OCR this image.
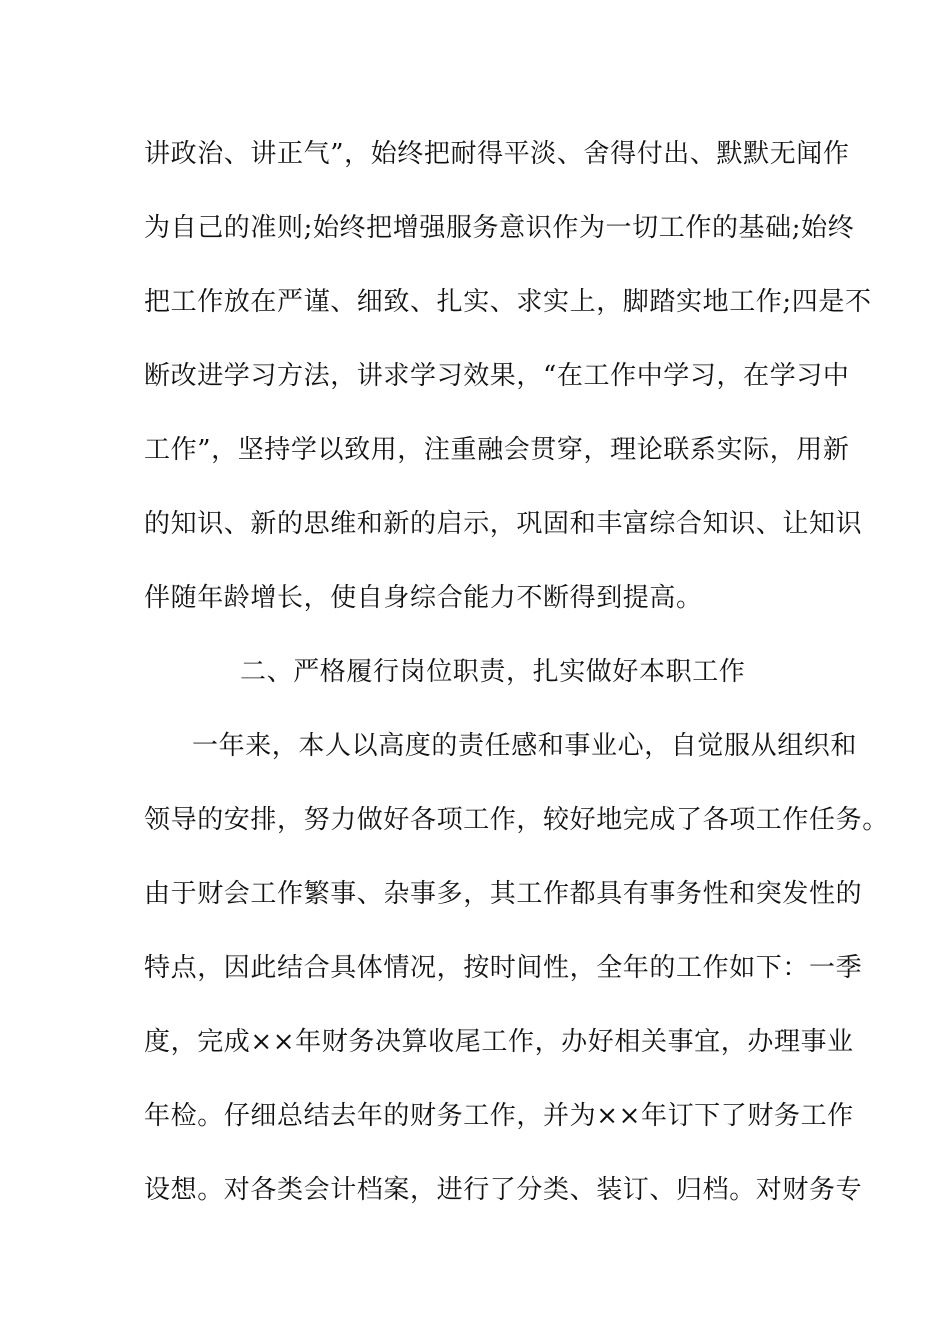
讲政治、讲正气”，始终把耐得平淡、舍得付出、默默无闻作
为自己的准则;始终把增强服务意识作为一切工作的基础;始终
把工作放在严谨、细致、扎实、求实上，脚踏实地工作;四是不
断改进学习方法，讲求学习效果，“在工作中学习，在学习中
工作”，坚持学以致用，注重融会贯穿，理论联系实际，用新
的知识、新的思维和新的启示，巩固和丰富综合知识、让知识
伴随年龄增长，使自身综合能力不断得到提高。
二、严格履行岗位职责，扎实做好本职工作
一年来，本人以高度的责任感和事业心，自觉服从组织和
领导的安排，努力做好各项工作，较好地完成了各项工作任务。
由于财会工作繁事、杂事多，其工作都具有事务性和突发性的
特点，因此结合具体情况，按时间性，全年的工作如下：一季
度，完成××年财务决算收尾工作，办好相关事宜，办理事业
年检。仔细总结去年的财务工作，并为××年订下了财务工作
设想。对各类会计档案，进行了分类、装订、归档。对财务专
